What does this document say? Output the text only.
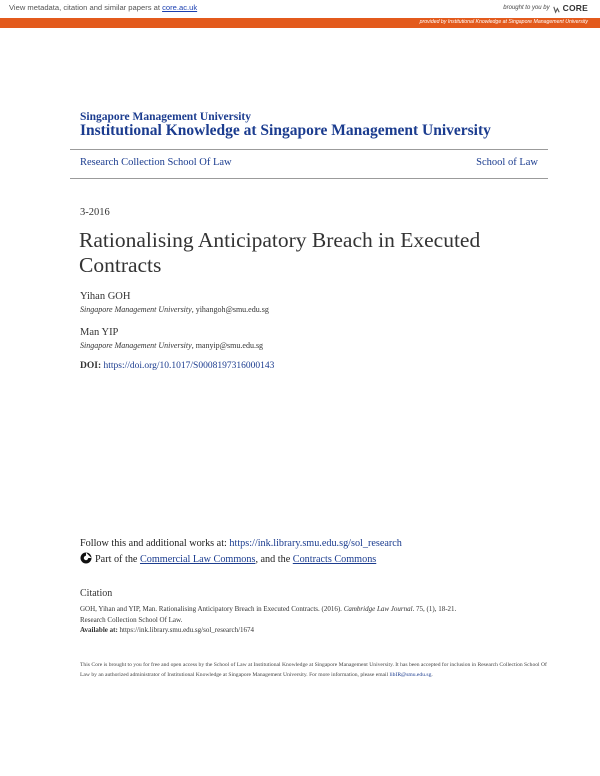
View metadata, citation and similar papers at core.ac.uk	brought to you by CORE
provided by Institutional Knowledge at Singapore Management University
Singapore Management University
Institutional Knowledge at Singapore Management University
Research Collection School Of Law	School of Law
3-2016
Rationalising Anticipatory Breach in Executed Contracts
Yihan GOH
Singapore Management University, yihangoh@smu.edu.sg
Man YIP
Singapore Management University, manyip@smu.edu.sg
DOI: https://doi.org/10.1017/S0008197316000143
Follow this and additional works at: https://ink.library.smu.edu.sg/sol_research
Part of the
Commercial Law Commons , and the
Contracts Commons
Citation
GOH, Yihan and YIP, Man. Rationalising Anticipatory Breach in Executed Contracts. (2016). Cambridge Law Journal. 75, (1), 18-21.
Research Collection School Of Law.
Available at: https://ink.library.smu.edu.sg/sol_research/1674
This Core is brought to you for free and open access by the School of Law at Institutional Knowledge at Singapore Management University. It has been accepted for inclusion in Research Collection School Of Law by an authorized administrator of Institutional Knowledge at Singapore Management University. For more information, please email libIR@smu.edu.sg.
